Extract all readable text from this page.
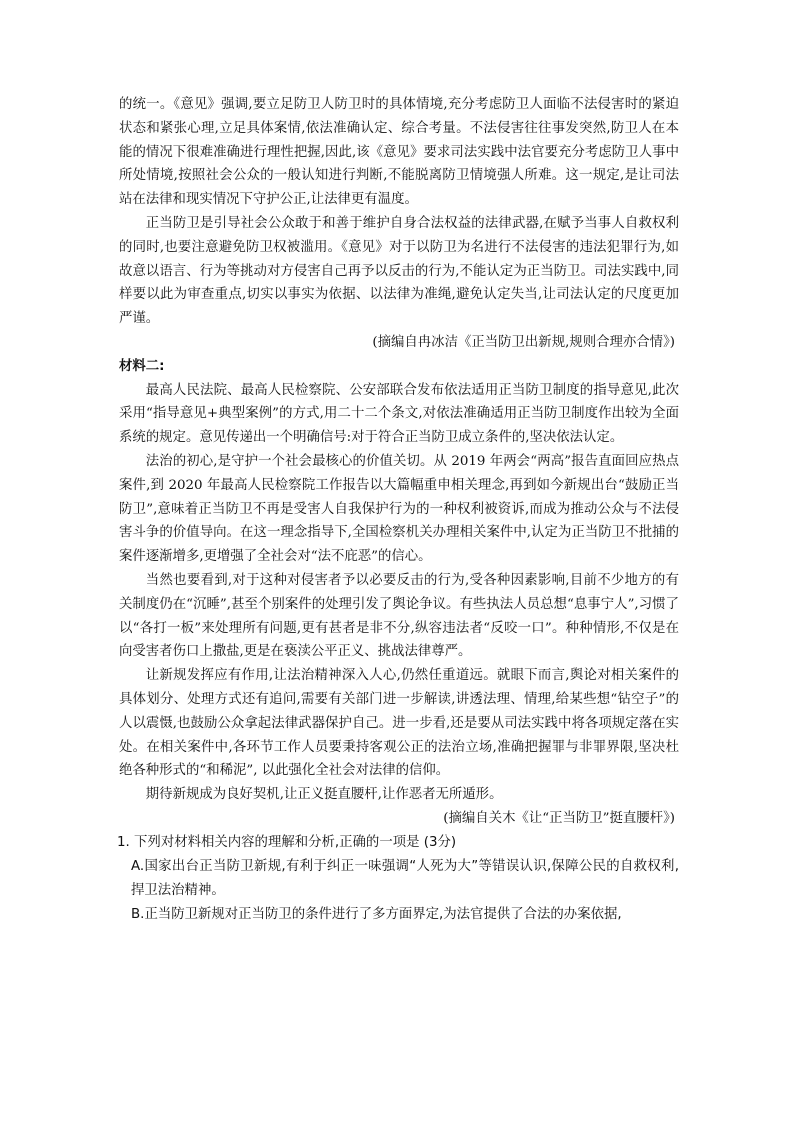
的统一。《意见》强调,要立足防卫人防卫时的具体情境,充分考虑防卫人面临不法侵害时的紧迫状态和紧张心理,立足具体案情,依法准确认定、综合考量。不法侵害往往事发突然,防卫人在本能的情况下很难准确进行理性把握,因此,该《意见》要求司法实践中法官要充分考虑防卫人事中所处情境,按照社会公众的一般认知进行判断,不能脱离防卫情境强人所难。这一规定,是让司法站在法律和现实情况下守护公正,让法律更有温度。

正当防卫是引导社会公众敢于和善于维护自身合法权益的法律武器,在赋予当事人自救权利的同时,也要注意避免防卫权被滥用。《意见》对于以防卫为名进行不法侵害的违法犯罪行为,如故意以语言、行为等挑动对方侵害自己再予以反击的行为,不能认定为正当防卫。司法实践中,同样要以此为审查重点,切实以事实为依据、以法律为准绳,避免认定失当,让司法认定的尺度更加严谨。

(摘编自冉冰洁《正当防卫出新规,规则合理亦合情》)

材料二:

最高人民法院、最高人民检察院、公安部联合发布依法适用正当防卫制度的指导意见,此次采用“指导意见+典型案例”的方式,用二十二个条文,对依法准确适用正当防卫制度作出较为全面系统的规定。意见传递出一个明确信号:对于符合正当防卫成立条件的,坚决依法认定。

法治的初心,是守护一个社会最核心的价值关切。从 2019 年两会“两高”报告直面回应热点案件,到 2020 年最高人民检察院工作报告以大篇幅重申相关理念,再到如今新规出台“鼓励正当防卫”,意味着正当防卫不再是受害人自我保护行为的一种权利被资诉,而成为推动公众与不法侵害斗争的价值导向。在这一理念指导下,全国检察机关办理相关案件中,认定为正当防卫不批捕的案件逐渐增多,更增强了全社会对“法不庇恶”的信心。

当然也要看到,对于这种对侵害者予以必要反击的行为,受各种因素影响,目前不少地方的有关制度仍在“沉睡”,甚至个别案件的处理引发了舆论争议。有些执法人员总想“息事宁人”,习惯了以“各打一板”来处理所有问题,更有甚者是非不分,纵容违法者“反咬一口”。种种情形,不仅是在向受害者伤口上撒盐,更是在亵渎公平正义、挑战法律尊严。

让新规发挥应有作用,让法治精神深入人心,仍然任重道远。就眼下而言,舆论对相关案件的具体划分、处理方式还有追问,需要有关部门进一步解读,讲透法理、情理,给某些想“钻空子”的人以震慑,也鼓励公众拿起法律武器保护自己。进一步看,还是要从司法实践中将各项规定落在实处。在相关案件中,各环节工作人员要秉持客观公正的法治立场,准确把握罪与非罪界限,坚决杜绝各种形式的“和稀泥”, 以此强化全社会对法律的信仰。

期待新规成为良好契机,让正义挺直腰杆,让作恶者无所遁形。

(摘编自关木《让“正当防卫”挺直腰杆》)

1. 下列对材料相关内容的理解和分析,正确的一项是 (3分)

A.国家出台正当防卫新规,有利于纠正一味强调“人死为大”等错误认识,保障公民的自救权利,捍卫法治精神。

B.正当防卫新规对正当防卫的条件进行了多方面界定,为法官提供了合法的办案依据,
